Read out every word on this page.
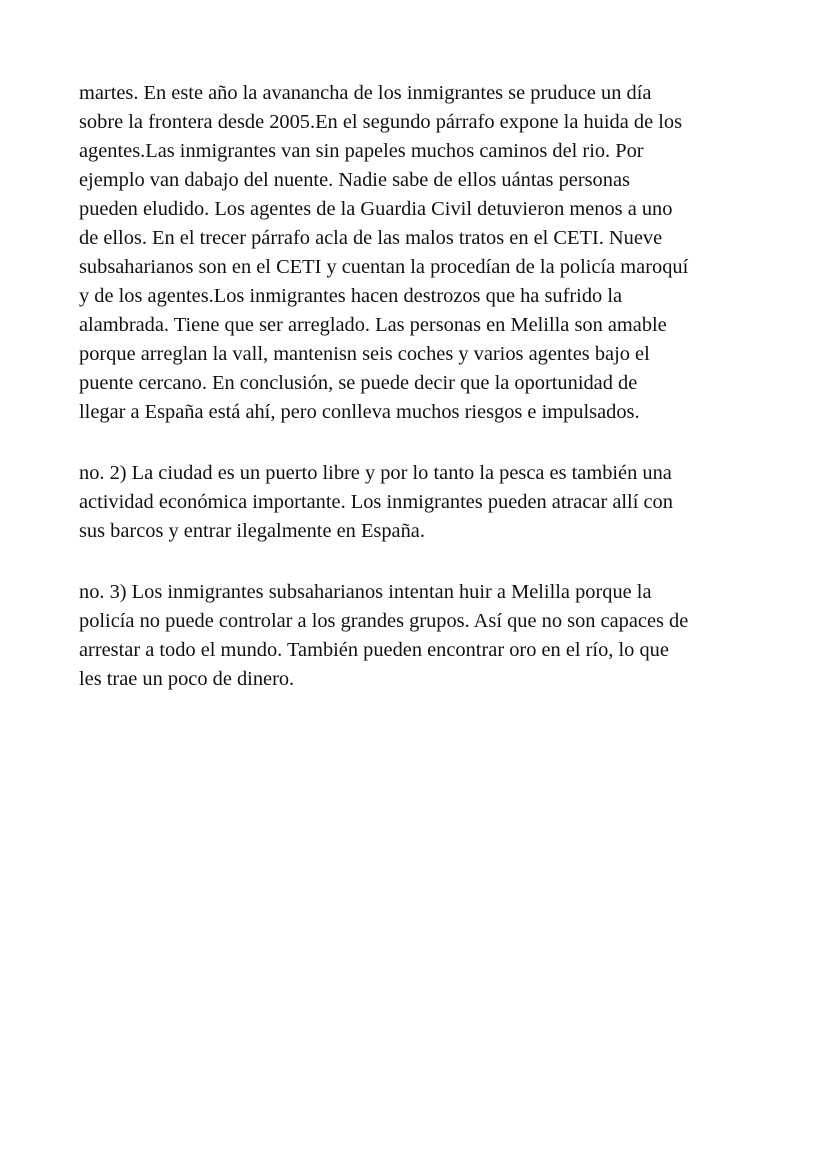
martes. En este año la avanancha de los inmigrantes se pruduce un día
sobre la frontera desde 2005.En el segundo párrafo expone la huida de los
agentes.Las inmigrantes van sin papeles muchos caminos del rio. Por
ejemplo van dabajo del nuente. Nadie sabe de ellos uántas personas
pueden eludido. Los agentes de la Guardia Civil detuvieron menos a uno
de ellos. En el trecer párrafo acla de las malos tratos en el CETI. Nueve
subsaharianos son en el CETI y cuentan la procedían de la policía maroquí
y de los agentes.Los inmigrantes hacen destrozos que ha sufrido la
alambrada. Tiene que ser arreglado. Las personas en Melilla son amable
porque arreglan la vall, mantenisn seis coches y varios agentes bajo el
puente cercano. En conclusión, se puede decir que la oportunidad de
llegar a España está ahí, pero conlleva muchos riesgos e impulsados.

no. 2) La ciudad es un puerto libre y por lo tanto la pesca es también una
actividad económica importante. Los inmigrantes pueden atracar allí con
sus barcos y entrar ilegalmente en España.

no. 3) Los inmigrantes subsaharianos intentan huir a Melilla porque la
policía no puede controlar a los grandes grupos. Así que no son capaces de
arrestar a todo el mundo. También pueden encontrar oro en el río, lo que
les trae un poco de dinero.
